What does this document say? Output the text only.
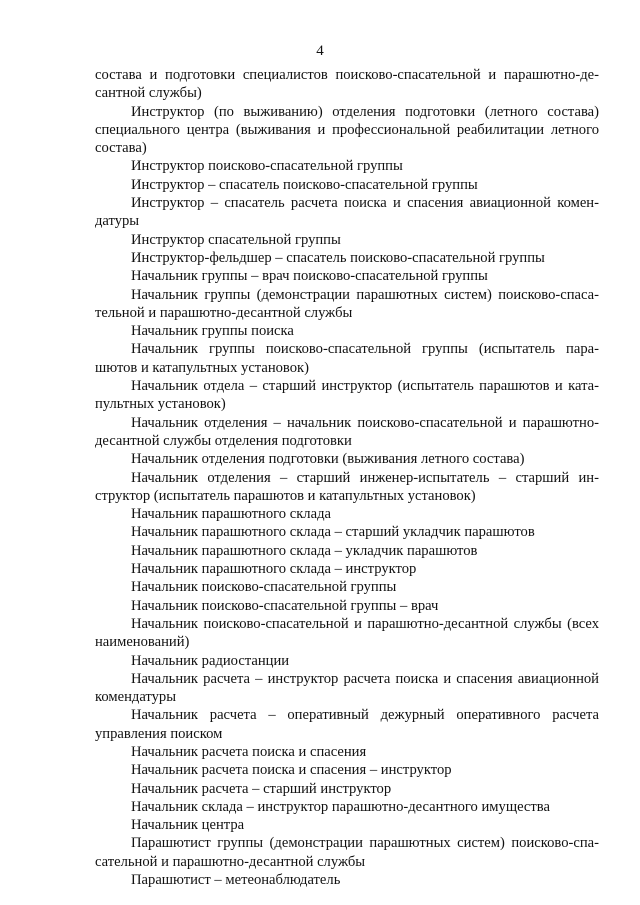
4

состава и подготовки специалистов поисково-спасательной и парашютно-десантной службы)

Инструктор (по выживанию) отделения подготовки (летного состава) специального центра (выживания и профессиональной реабилитации летного состава)

Инструктор поисково-спасательной группы

Инструктор – спасатель поисково-спасательной группы

Инструктор – спасатель расчета поиска и спасения авиационной комендатуры

Инструктор спасательной группы

Инструктор-фельдшер – спасатель поисково-спасательной группы

Начальник группы – врач поисково-спасательной группы

Начальник группы (демонстрации парашютных систем) поисково-спасательной и парашютно-десантной службы

Начальник группы поиска

Начальник группы поисково-спасательной группы (испытатель парашютов и катапультных установок)

Начальник отдела – старший инструктор (испытатель парашютов и катапультных установок)

Начальник отделения – начальник поисково-спасательной и парашютно-десантной службы отделения подготовки

Начальник отделения подготовки (выживания летного состава)

Начальник отделения – старший инженер-испытатель – старший инструктор (испытатель парашютов и катапультных установок)

Начальник парашютного склада

Начальник парашютного склада – старший укладчик парашютов

Начальник парашютного склада – укладчик парашютов

Начальник парашютного склада – инструктор

Начальник поисково-спасательной группы

Начальник поисково-спасательной группы – врач

Начальник поисково-спасательной и парашютно-десантной службы (всех наименований)

Начальник радиостанции

Начальник расчета – инструктор расчета поиска и спасения авиационной комендатуры

Начальник расчета – оперативный дежурный оперативного расчета управления поиском

Начальник расчета поиска и спасения

Начальник расчета поиска и спасения – инструктор

Начальник расчета – старший инструктор

Начальник склада – инструктор парашютно-десантного имущества

Начальник центра

Парашютист группы (демонстрации парашютных систем) поисково-спасательной и парашютно-десантной службы

Парашютист – метеонаблюдатель
